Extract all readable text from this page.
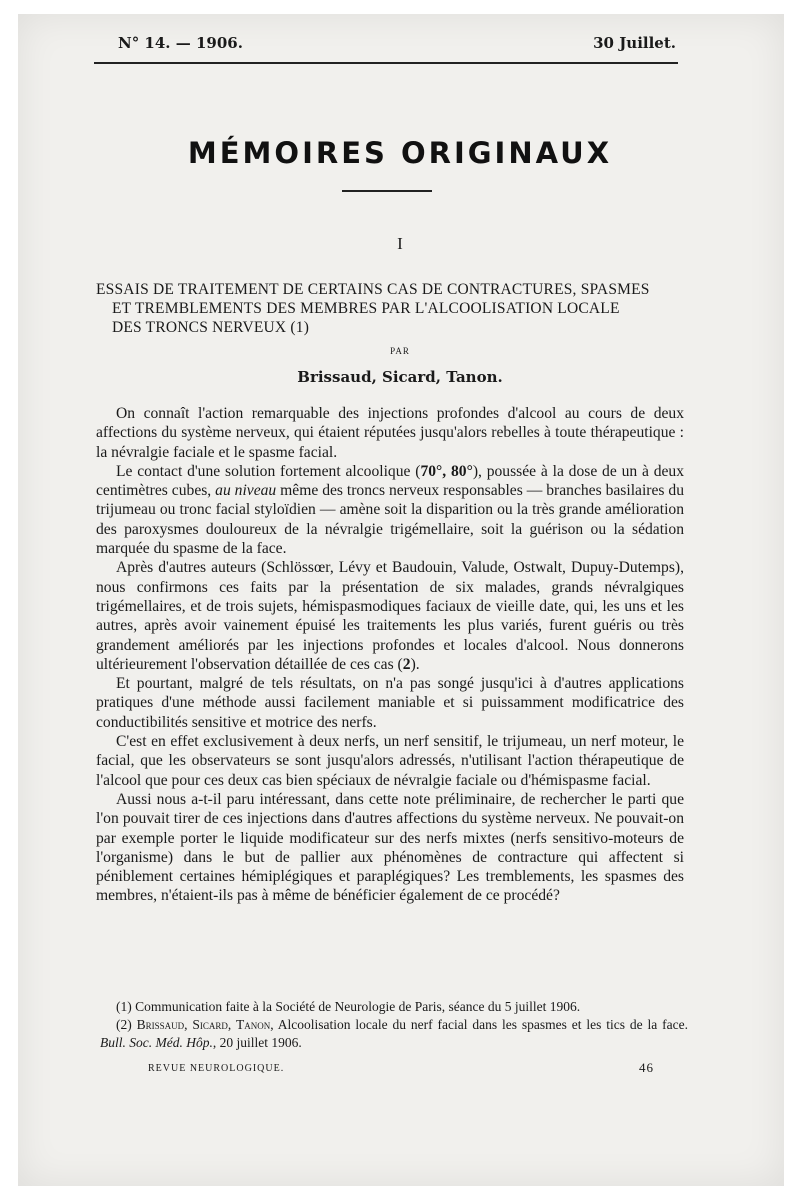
N° 14. — 1906.	30 Juillet.
MÉMOIRES ORIGINAUX
I
ESSAIS DE TRAITEMENT DE CERTAINS CAS DE CONTRACTURES, SPASMES
ET TREMBLEMENTS DES MEMBRES PAR L'ALCOOLISATION LOCALE
DES TRONCS NERVEUX (1)
PAR
Brissaud, Sicard, Tanon.

On connaît l'action remarquable des injections profondes d'alcool au cours de deux affections du système nerveux, qui étaient réputées jusqu'alors rebelles à toute thérapeutique : la névralgie faciale et le spasme facial.

Le contact d'une solution fortement alcoolique (70°, 80°), poussée à la dose de un à deux centimètres cubes, au niveau même des troncs nerveux responsables — branches basilaires du trijumeau ou tronc facial styloïdien — amène soit la disparition ou la très grande amélioration des paroxysmes douloureux de la névralgie trigémellaire, soit la guérison ou la sédation marquée du spasme de la face.

Après d'autres auteurs (Schlössœr, Lévy et Baudouin, Valude, Ostwalt, Dupuy-Dutemps), nous confirmons ces faits par la présentation de six malades, grands névralgiques trigémellaires, et de trois sujets, hémispasmodiques faciaux de vieille date, qui, les uns et les autres, après avoir vainement épuisé les traitements les plus variés, furent guéris ou très grandement améliorés par les injections profondes et locales d'alcool. Nous donnerons ultérieurement l'observation détaillée de ces cas (2).

Et pourtant, malgré de tels résultats, on n'a pas songé jusqu'ici à d'autres applications pratiques d'une méthode aussi facilement maniable et si puissamment modificatrice des conductibilités sensitive et motrice des nerfs.

C'est en effet exclusivement à deux nerfs, un nerf sensitif, le trijumeau, un nerf moteur, le facial, que les observateurs se sont jusqu'alors adressés, n'utilisant l'action thérapeutique de l'alcool que pour ces deux cas bien spéciaux de névralgie faciale ou d'hémispasme facial.

Aussi nous a-t-il paru intéressant, dans cette note préliminaire, de rechercher le parti que l'on pouvait tirer de ces injections dans d'autres affections du système nerveux. Ne pouvait-on par exemple porter le liquide modificateur sur des nerfs mixtes (nerfs sensitivo-moteurs de l'organisme) dans le but de pallier aux phénomènes de contracture qui affectent si péniblement certaines hémiplégiques et paraplégiques? Les tremblements, les spasmes des membres, n'étaient-ils pas à même de bénéficier également de ce procédé?

(1) Communication faite à la Société de Neurologie de Paris, séance du 5 juillet 1906.

(2) Brissaud, Sicard, Tanon, Alcoolisation locale du nerf facial dans les spasmes et les tics de la face. Bull. Soc. Méd. Hôp., 20 juillet 1906.

REVUE NEUROLOGIQUE.	46
